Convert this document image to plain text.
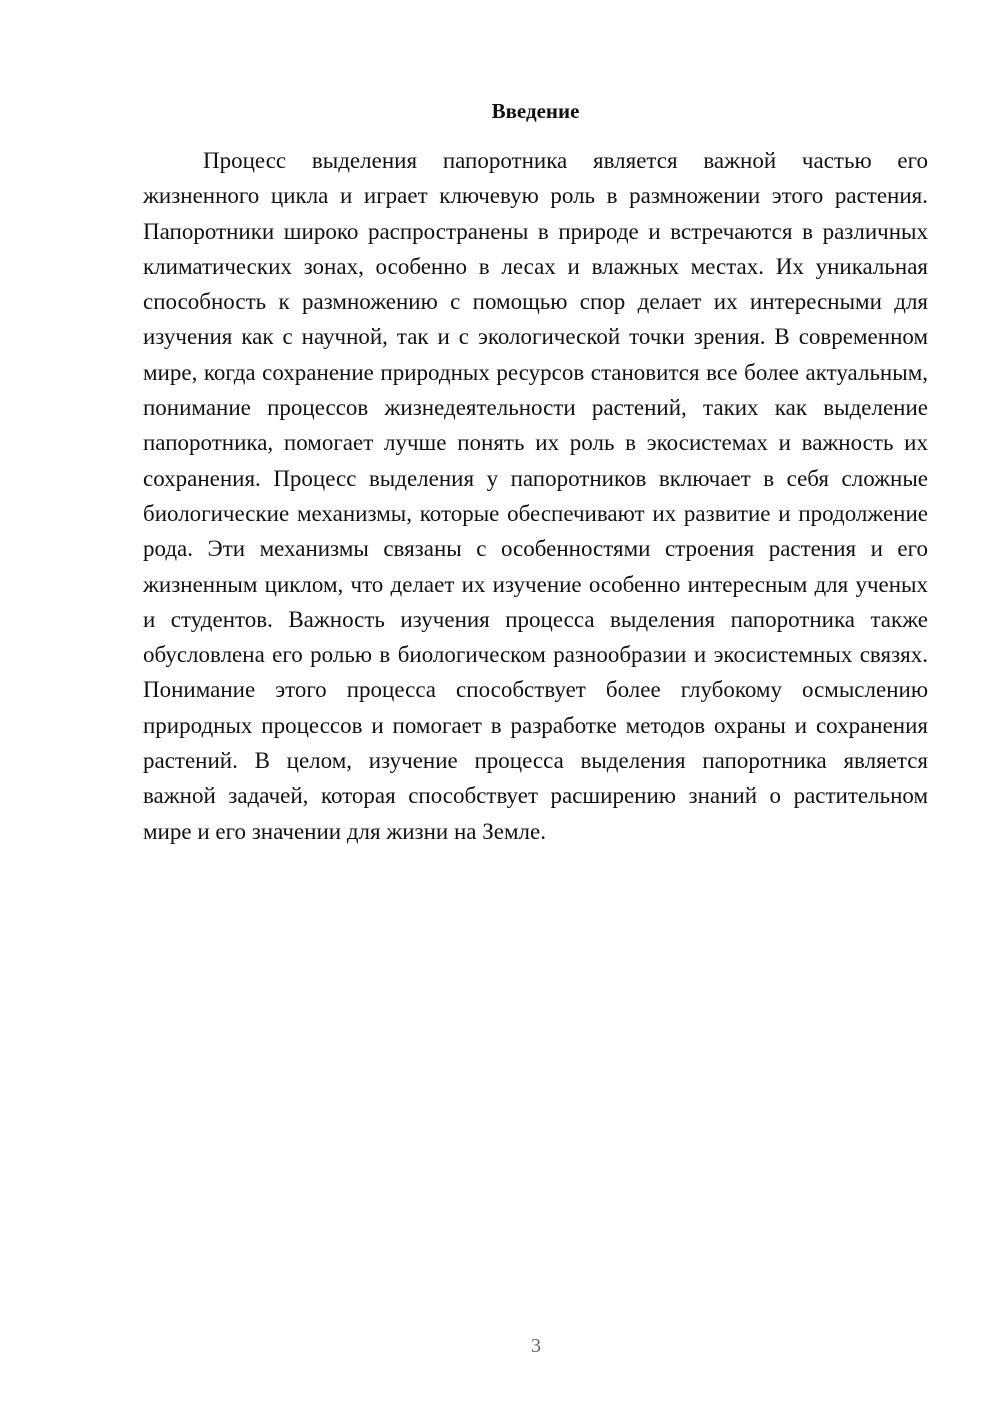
Введение

Процесс выделения папоротника является важной частью его жизненного цикла и играет ключевую роль в размножении этого растения. Папоротники широко распространены в природе и встречаются в различных климатических зонах, особенно в лесах и влажных местах. Их уникальная способность к размножению с помощью спор делает их интересными для изучения как с научной, так и с экологической точки зрения. В современном мире, когда сохранение природных ресурсов становится все более актуальным, понимание процессов жизнедеятельности растений, таких как выделение папоротника, помогает лучше понять их роль в экосистемах и важность их сохранения. Процесс выделения у папоротников включает в себя сложные биологические механизмы, которые обеспечивают их развитие и продолжение рода. Эти механизмы связаны с особенностями строения растения и его жизненным циклом, что делает их изучение особенно интересным для ученых и студентов. Важность изучения процесса выделения папоротника также обусловлена его ролью в биологическом разнообразии и экосистемных связях. Понимание этого процесса способствует более глубокому осмыслению природных процессов и помогает в разработке методов охраны и сохранения растений. В целом, изучение процесса выделения папоротника является важной задачей, которая способствует расширению знаний о растительном мире и его значении для жизни на Земле.

3
